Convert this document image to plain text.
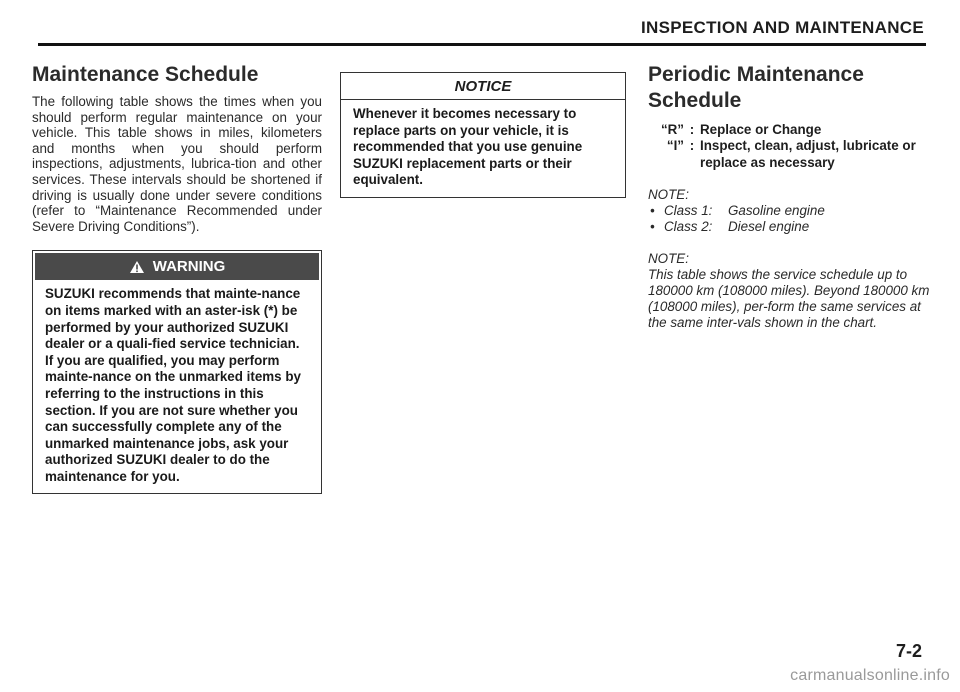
INSPECTION AND MAINTENANCE
Maintenance Schedule

The following table shows the times when you should perform regular maintenance on your vehicle. This table shows in miles, kilometers and months when you should perform inspections, adjustments, lubrica-tion and other services. These intervals should be shortened if driving is usually done under severe conditions (refer to “Maintenance Recommended under Severe Driving Conditions”).

WARNING
SUZUKI recommends that mainte-nance on items marked with an aster-isk (*) be performed by your authorized SUZUKI dealer or a quali-fied service technician. If you are qualified, you may perform mainte-nance on the unmarked items by referring to the instructions in this section. If you are not sure whether you can successfully complete any of the unmarked maintenance jobs, ask your authorized SUZUKI dealer to do the maintenance for you.
NOTICE
Whenever it becomes necessary to replace parts on your vehicle, it is recommended that you use genuine SUZUKI replacement parts or their equivalent.
Periodic Maintenance Schedule
“R” : Replace or Change
“I” : Inspect, clean, adjust, lubricate or replace as necessary
NOTE:
• Class 1:	Gasoline engine
• Class 2:	Diesel engine
NOTE:
This table shows the service schedule up to 180000 km (108000 miles). Beyond 180000 km (108000 miles), per-form the same services at the same inter-vals shown in the chart.
7-2
carmanualsonline.info
